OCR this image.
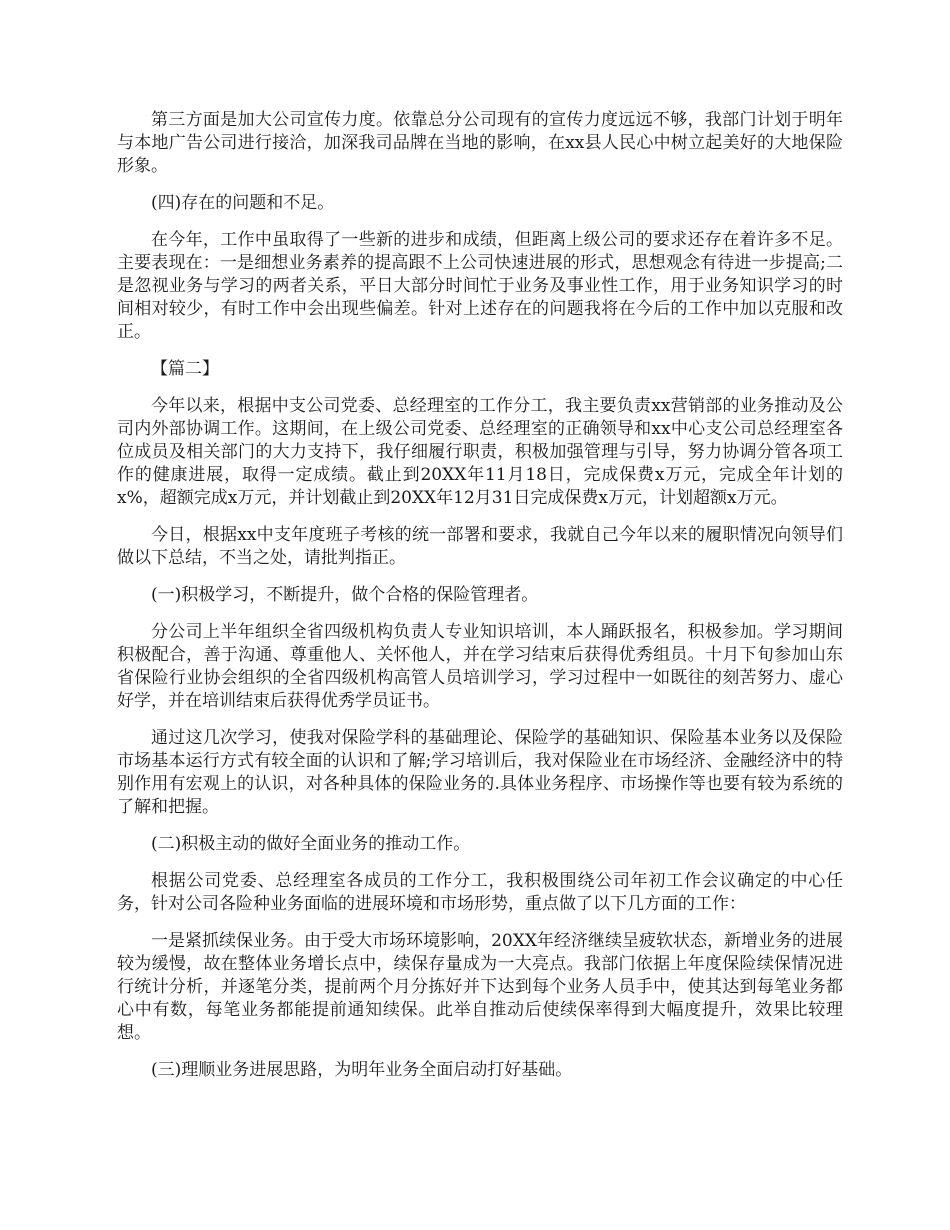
第三方面是加大公司宣传力度。依靠总分公司现有的宣传力度远远不够，我部门计划于明年与本地广告公司进行接洽，加深我司品牌在当地的影响，在xx县人民心中树立起美好的大地保险形象。

(四)存在的问题和不足。

在今年，工作中虽取得了一些新的进步和成绩，但距离上级公司的要求还存在着许多不足。主要表现在：一是细想业务素养的提高跟不上公司快速进展的形式，思想观念有待进一步提高;二是忽视业务与学习的两者关系，平日大部分时间忙于业务及事业性工作，用于业务知识学习的时间相对较少，有时工作中会出现些偏差。针对上述存在的问题我将在今后的工作中加以克服和改正。

【篇二】

今年以来，根据中支公司党委、总经理室的工作分工，我主要负责xx营销部的业务推动及公司内外部协调工作。这期间，在上级公司党委、总经理室的正确领导和xx中心支公司总经理室各位成员及相关部门的大力支持下，我仔细履行职责，积极加强管理与引导，努力协调分管各项工作的健康进展，取得一定成绩。截止到20XX年11月18日，完成保费x万元，完成全年计划的x%，超额完成x万元，并计划截止到20XX年12月31日完成保费x万元，计划超额x万元。

今日，根据xx中支年度班子考核的统一部署和要求，我就自己今年以来的履职情况向领导们做以下总结，不当之处，请批判指正。

(一)积极学习，不断提升，做个合格的保险管理者。

分公司上半年组织全省四级机构负责人专业知识培训，本人踊跃报名，积极参加。学习期间积极配合，善于沟通、尊重他人、关怀他人，并在学习结束后获得优秀组员。十月下旬参加山东省保险行业协会组织的全省四级机构高管人员培训学习，学习过程中一如既往的刻苦努力、虚心好学，并在培训结束后获得优秀学员证书。

通过这几次学习，使我对保险学科的基础理论、保险学的基础知识、保险基本业务以及保险市场基本运行方式有较全面的认识和了解;学习培训后，我对保险业在市场经济、金融经济中的特别作用有宏观上的认识，对各种具体的保险业务的.具体业务程序、市场操作等也要有较为系统的了解和把握。

(二)积极主动的做好全面业务的推动工作。

根据公司党委、总经理室各成员的工作分工，我积极围绕公司年初工作会议确定的中心任务，针对公司各险种业务面临的进展环境和市场形势，重点做了以下几方面的工作：

一是紧抓续保业务。由于受大市场环境影响，20XX年经济继续呈疲软状态，新增业务的进展较为缓慢，故在整体业务增长点中，续保存量成为一大亮点。我部门依据上年度保险续保情况进行统计分析，并逐笔分类，提前两个月分拣好并下达到每个业务人员手中，使其达到每笔业务都心中有数，每笔业务都能提前通知续保。此举自推动后使续保率得到大幅度提升，效果比较理想。

(三)理顺业务进展思路，为明年业务全面启动打好基础。
